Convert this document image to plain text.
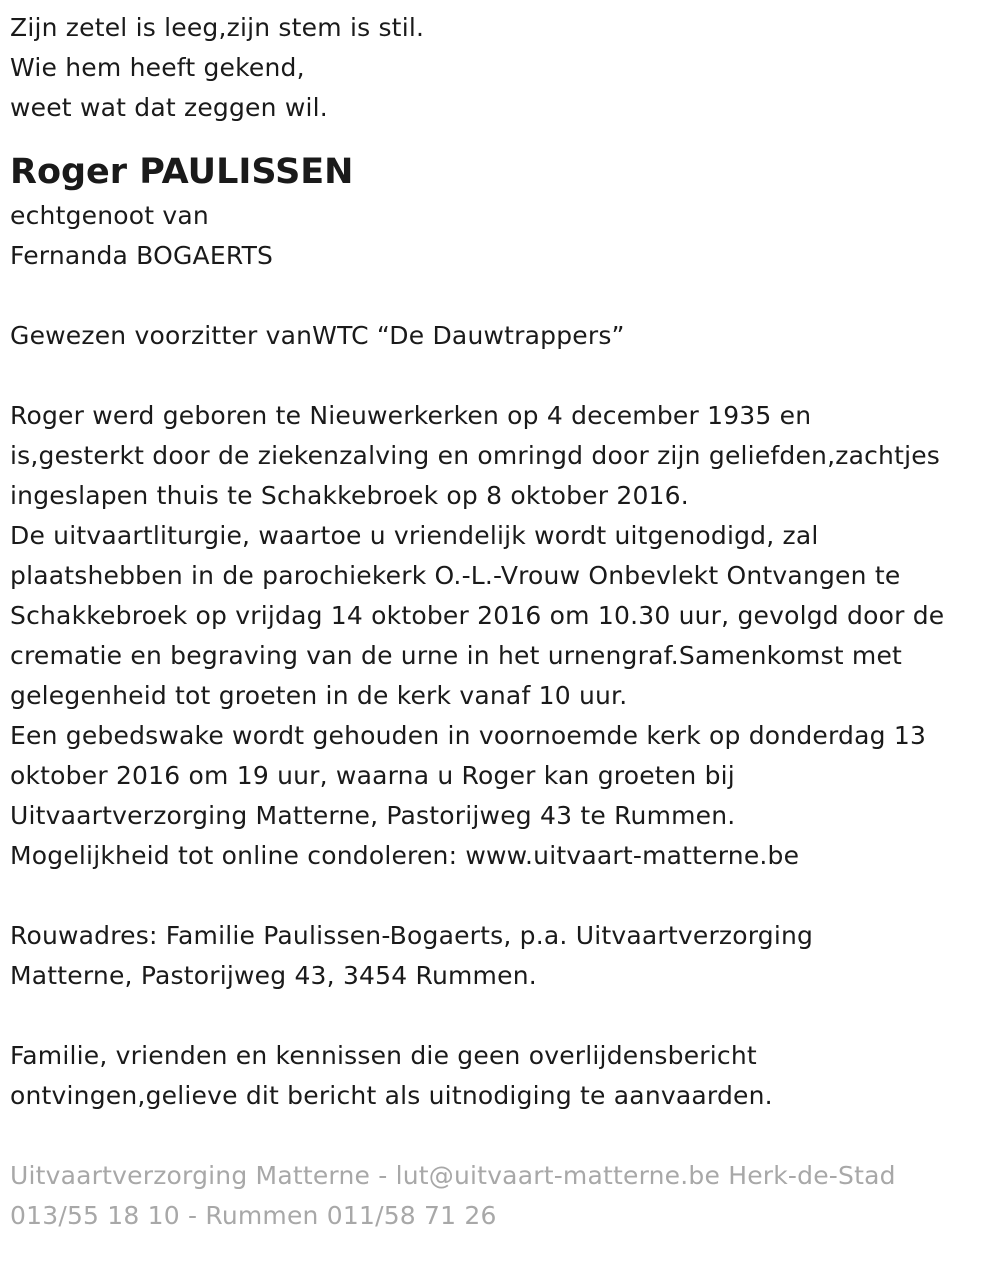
Zijn zetel is leeg,zijn stem is stil.
Wie hem heeft gekend,
weet wat dat zeggen wil.
Roger PAULISSEN
echtgenoot van
Fernanda BOGAERTS
Gewezen voorzitter vanWTC “De Dauwtrappers”
Roger werd geboren te Nieuwerkerken op 4 december 1935 en
is,gesterkt door de ziekenzalving en omringd door zijn geliefden,zachtjes
ingeslapen thuis te Schakkebroek op 8 oktober 2016.
De uitvaartliturgie, waartoe u vriendelijk wordt uitgenodigd, zal
plaatshebben in de parochiekerk O.-L.-Vrouw Onbevlekt Ontvangen te
Schakkebroek op vrijdag 14 oktober 2016 om 10.30 uur, gevolgd door de
crematie en begraving van de urne in het urnengraf.Samenkomst met
gelegenheid tot groeten in de kerk vanaf 10 uur.
Een gebedswake wordt gehouden in voornoemde kerk op donderdag 13
oktober 2016 om 19 uur, waarna u Roger kan groeten bij
Uitvaartverzorging Matterne, Pastorijweg 43 te Rummen.
Mogelijkheid tot online condoleren: www.uitvaart-matterne.be
Rouwadres: Familie Paulissen-Bogaerts, p.a. Uitvaartverzorging
Matterne, Pastorijweg 43, 3454 Rummen.
Familie, vrienden en kennissen die geen overlijdensbericht
ontvingen,gelieve dit bericht als uitnodiging te aanvaarden.
Uitvaartverzorging Matterne - lut@uitvaart-matterne.be Herk-de-Stad
013/55 18 10 - Rummen 011/58 71 26
